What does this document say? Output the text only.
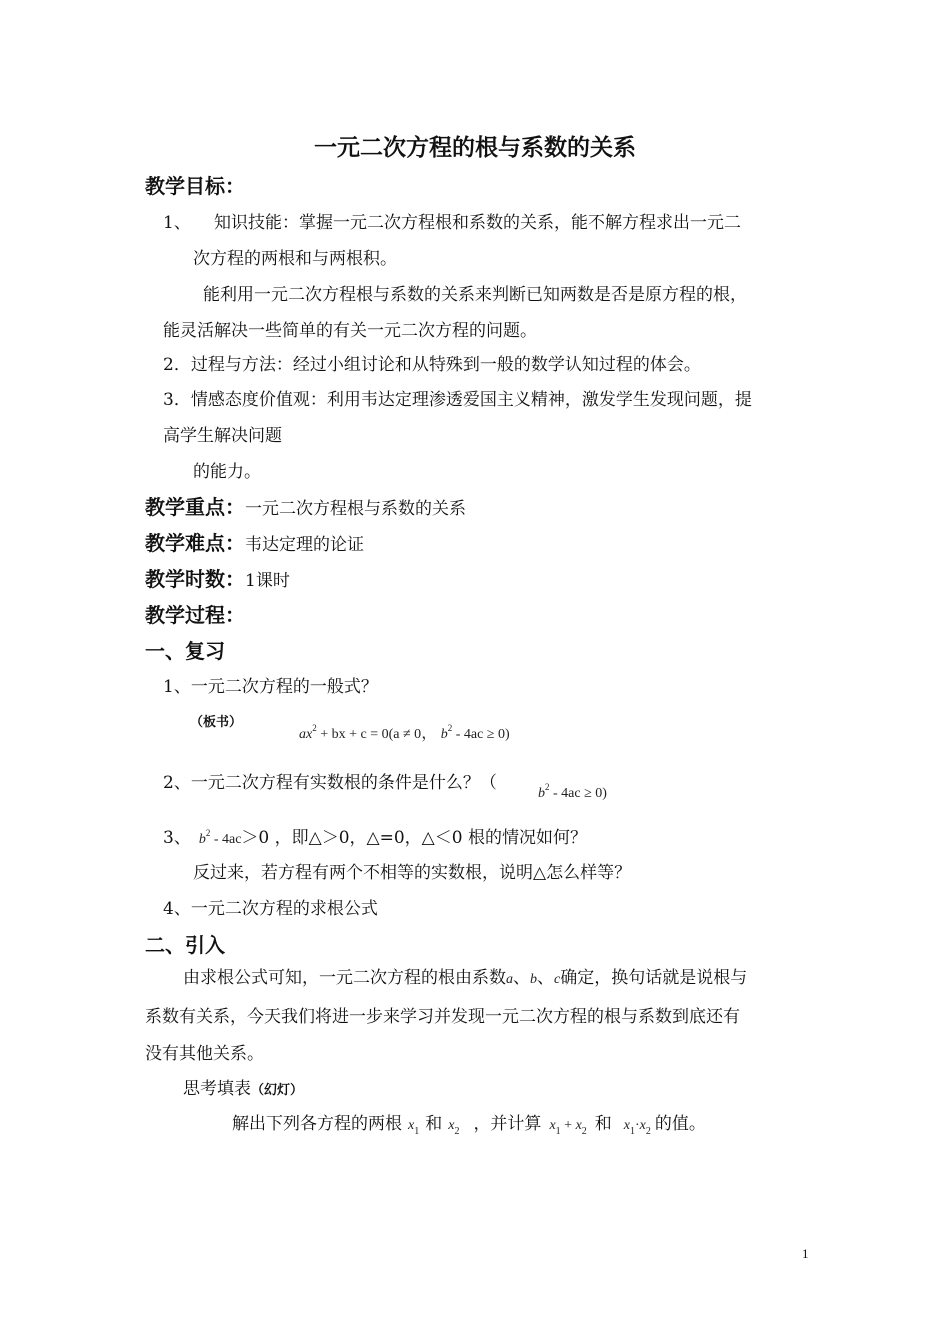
一元二次方程的根与系数的关系
教学目标：
1、 知识技能：掌握一元二次方程根和系数的关系，能不解方程求出一元二
次方程的两根和与两根积。
能利用一元二次方程根与系数的关系来判断已知两数是否是原方程的根，
能灵活解决一些简单的有关一元二次方程的问题。
2．过程与方法：经过小组讨论和从特殊到一般的数学认知过程的体会。
3．情感态度价值观：利用韦达定理渗透爱国主义精神，激发学生发现问题，提
高学生解决问题
的能力。
教学重点：一元二次方程根与系数的关系
教学难点：韦达定理的论证
教学时数：1课时
教学过程：
一、复习
1、一元二次方程的一般式？
（板书）
$ax^2$ + bx + c = 0(a ≠ 0， $b^2 - 4ac \ge 0$)
2、一元二次方程有实数根的条件是什么？（
$b^2 - 4ac \ge 0$)
3、 $b^2 - 4ac>0$ ，即△＞0，△=0，△＜0 根的情况如何？
反过来，若方程有两个不相等的实数根，说明△怎么样等？
4、一元二次方程的求根公式
二、引入
由求根公式可知，一元二次方程的根由系数a、b、c确定，换句话就是说根与
系数有关系，今天我们将进一步来学习并发现一元二次方程的根与系数到底还有
没有其他关系。
思考填表（幻灯）
解出下列各方程的两根 $x_1$ 和 $x_2$ ，并计算 $x_1 + x_2$ 和 $x_1\cdot x_2$ 的值。
1
